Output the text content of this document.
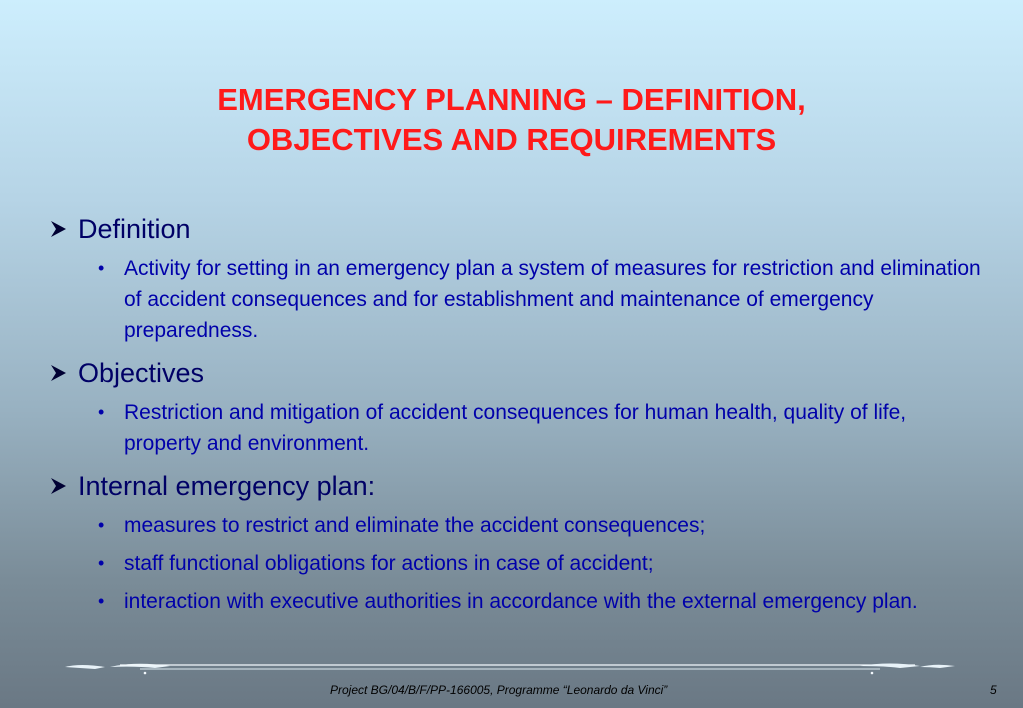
EMERGENCY PLANNING – DEFINITION,
OBJECTIVES AND REQUIREMENTS
Definition
• Activity for setting in an emergency plan a system of measures for restriction and elimination of accident consequences and for establishment and maintenance of emergency preparedness.
Objectives
• Restriction and mitigation of accident consequences for human health, quality of life, property and environment.
Internal emergency plan:
• measures to restrict and eliminate the accident consequences;
• staff functional obligations for actions in case of accident;
• interaction with executive authorities in accordance with the external emergency plan.
Project BG/04/B/F/PP-166005, Programme “Leonardo da Vinci”	5
